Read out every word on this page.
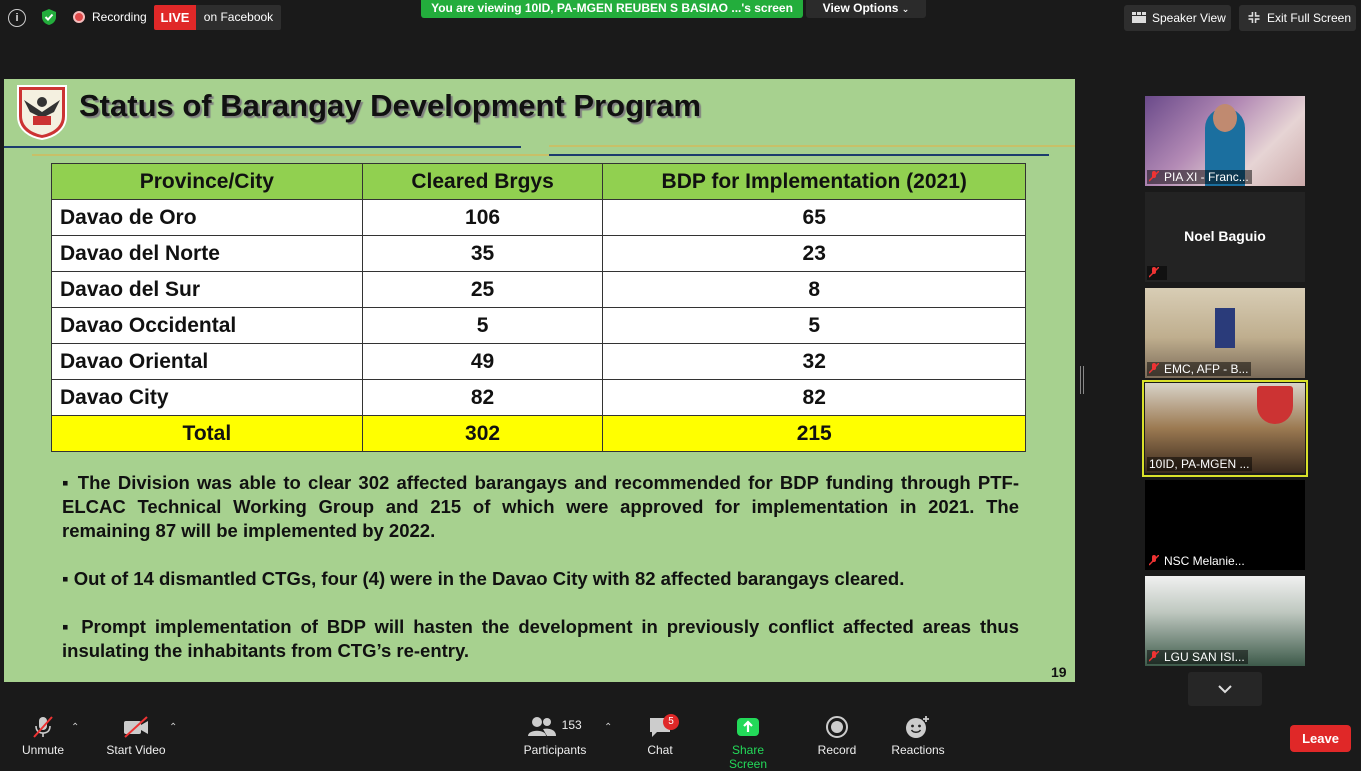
i	Recording	LIVE	on Facebook
You are viewing 10ID, PA-MGEN REUBEN S BASIAO ...'s screen	View Options ⌄
Speaker View	Exit Full Screen
Status of Barangay Development Program
Province/City	Cleared Brgys	BDP for Implementation (2021)
Davao de Oro	106	65
Davao del Norte	35	23
Davao del Sur	25	8
Davao Occidental	5	5
Davao Oriental	49	32
Davao City	82	82
Total	302	215

▪ The Division was able to clear 302 affected barangays and recommended for BDP funding through PTF-ELCAC Technical Working Group and 215 of which were approved for implementation in 2021. The remaining 87 will be implemented by 2022.

▪ Out of 14 dismantled CTGs, four (4) were in the Davao City with 82 affected barangays cleared.

▪ Prompt implementation of BDP will hasten the development in previously conflict affected areas thus insulating the inhabitants from CTG’s re-entry.

19
PIA XI - Franc...
Noel Baguio
EMC, AFP - B...
10ID, PA-MGEN ...
NSC Melanie...
LGU SAN ISI...
Unmute
⌃
Start Video
⌃	153
Participants
⌃
Chat
5
Share Screen
Record	Reactions
Leave
